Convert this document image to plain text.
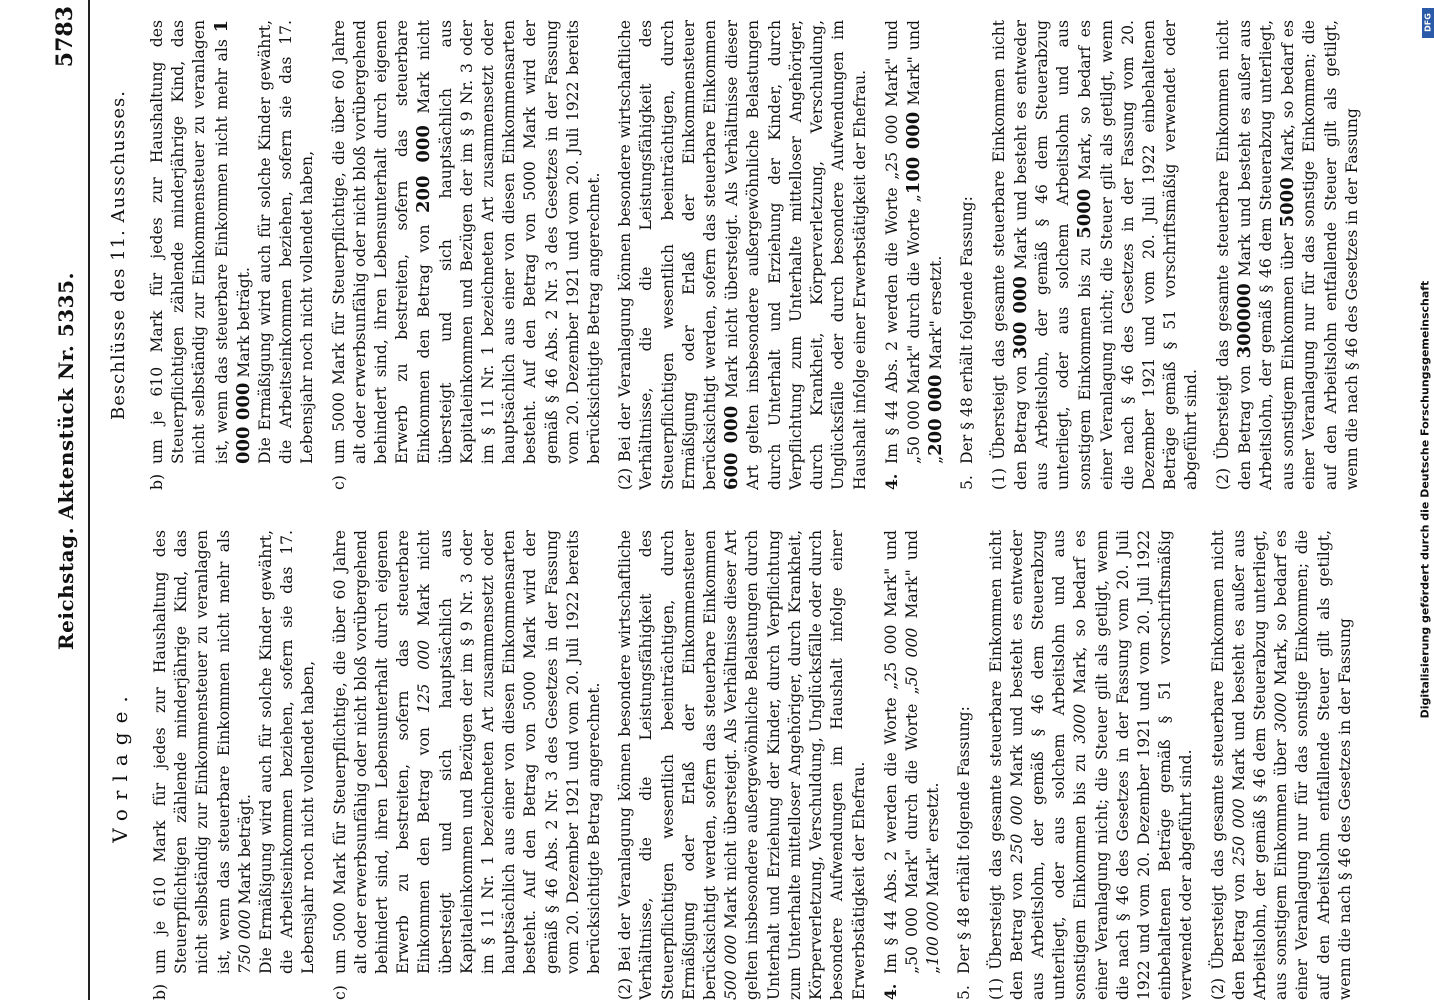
Reichstag. Aktenstück Nr. 5335.
5783
Vorlage.

b)um je 610 Mark für jedes zur Haushaltung des Steuerpflichtigen zählende minderjährige Kind, das nicht selbständig zur Einkommensteuer zu veranlagen ist, wenn das steuerbare Einkommen nicht mehr als 750 000 Mark beträgt. Die Ermäßigung wird auch für solche Kinder gewährt, die Arbeitseinkommen beziehen, sofern sie das 17. Lebensjahr noch nicht vollendet haben,

c)um 5000 Mark für Steuerpflichtige, die über 60 Jahre alt oder erwerbsunfähig oder nicht bloß vorübergehend behindert sind, ihren Lebensunterhalt durch eigenen Erwerb zu bestreiten, sofern das steuerbare Einkommen den Betrag von 125 000 Mark nicht übersteigt und sich hauptsächlich aus Kapitaleinkommen und Bezügen der im § 9 Nr. 3 oder im § 11 Nr. 1 bezeichneten Art zusammensetzt oder hauptsächlich aus einer von diesen Einkommensarten besteht. Auf den Betrag von 5000 Mark wird der gemäß § 46 Abs. 2 Nr. 3 des Gesetzes in der Fassung vom 20. Dezember 1921 und vom 20. Juli 1922 bereits berücksichtigte Betrag angerechnet. (2) Bei der Veranlagung können besondere wirtschaftliche Verhältnisse, die die Leistungsfähigkeit des Steuerpflichtigen wesentlich beeinträchtigen, durch Ermäßigung oder Erlaß der Einkommensteuer berücksichtigt werden, sofern das steuerbare Einkommen 500 000 Mark nicht übersteigt. Als Verhältnisse dieser Art gelten insbesondere außergewöhnliche Belastungen durch Unterhalt und Erziehung der Kinder, durch Verpflichtung zum Unterhalte mittelloser Angehöriger, durch Krankheit, Körperverletzung, Verschuldung, Unglücksfälle oder durch besondere Aufwendungen im Haushalt infolge einer Erwerbstätigkeit der Ehefrau. 4.Im § 44 Abs. 2 werden die Worte „25 000 Mark" und „50 000 Mark" durch die Worte „50 000 Mark" und „100 000 Mark" ersetzt.

5.Der § 48 erhält folgende Fassung: (1) Übersteigt das gesamte steuerbare Einkommen nicht den Betrag von 250 000 Mark und besteht es entweder aus Arbeitslohn, der gemäß § 46 dem Steuerabzug unterliegt, oder aus solchem Arbeitslohn und aus sonstigem Einkommen bis zu 3000 Mark, so bedarf es einer Veranlagung nicht; die Steuer gilt als getilgt, wenn die nach § 46 des Gesetzes in der Fassung vom 20. Juli 1922 und vom 20. Dezember 1921 und vom 20. Juli 1922 einbehaltenen Beträge gemäß § 51 vorschriftsmäßig verwendet oder abgeführt sind. (2) Übersteigt das gesamte steuerbare Einkommen nicht den Betrag von 250 000 Mark und besteht es außer aus Arbeitslohn, der gemäß § 46 dem Steuerabzug unterliegt, aus sonstigem Einkommen über 3000 Mark, so bedarf es einer Veranlagung nur für das sonstige Einkommen; die auf den Arbeitslohn entfallende Steuer gilt als getilgt, wenn die nach § 46 des Gesetzes in der Fassung

Beschlüsse des 11. Ausschusses.

b)um je 610 Mark für jedes zur Haushaltung des Steuerpflichtigen zählende minderjährige Kind, das nicht selbständig zur Einkommensteuer zu veranlagen ist, wenn das steuerbare Einkommen nicht mehr als 1 000 000 Mark beträgt. Die Ermäßigung wird auch für solche Kinder gewährt, die Arbeitseinkommen beziehen, sofern sie das 17. Lebensjahr noch nicht vollendet haben,

c)um 5000 Mark für Steuerpflichtige, die über 60 Jahre alt oder erwerbsunfähig oder nicht bloß vorübergehend behindert sind, ihren Lebensunterhalt durch eigenen Erwerb zu bestreiten, sofern das steuerbare Einkommen den Betrag von 200 000 Mark nicht übersteigt und sich hauptsächlich aus Kapitaleinkommen und Bezügen der im § 9 Nr. 3 oder im § 11 Nr. 1 bezeichneten Art zusammensetzt oder hauptsächlich aus einer von diesen Einkommensarten besteht. Auf den Betrag von 5000 Mark wird der gemäß § 46 Abs. 2 Nr. 3 des Gesetzes in der Fassung vom 20. Dezember 1921 und vom 20. Juli 1922 bereits berücksichtigte Betrag angerechnet. (2) Bei der Veranlagung können besondere wirtschaftliche Verhältnisse, die die Leistungsfähigkeit des Steuerpflichtigen wesentlich beeinträchtigen, durch Ermäßigung oder Erlaß der Einkommensteuer berücksichtigt werden, sofern das steuerbare Einkommen 600 000 Mark nicht übersteigt. Als Verhältnisse dieser Art gelten insbesondere außergewöhnliche Belastungen durch Unterhalt und Erziehung der Kinder, durch Verpflichtung zum Unterhalte mittelloser Angehöriger, durch Krankheit, Körperverletzung, Verschuldung, Unglücksfälle oder durch besondere Aufwendungen im Haushalt infolge einer Erwerbstätigkeit der Ehefrau. 4.Im § 44 Abs. 2 werden die Worte „25 000 Mark" und „50 000 Mark" durch die Worte „100 000 Mark" und „200 000 Mark" ersetzt.

5.Der § 48 erhält folgende Fassung: (1) Übersteigt das gesamte steuerbare Einkommen nicht den Betrag von 300 000 Mark und besteht es entweder aus Arbeitslohn, der gemäß § 46 dem Steuerabzug unterliegt, oder aus solchem Arbeitslohn und aus sonstigem Einkommen bis zu 5000 Mark, so bedarf es einer Veranlagung nicht; die Steuer gilt als getilgt, wenn die nach § 46 des Gesetzes in der Fassung vom 20. Dezember 1921 und vom 20. Juli 1922 einbehaltenen Beträge gemäß § 51 vorschriftsmäßig verwendet oder abgeführt sind. (2) Übersteigt das gesamte steuerbare Einkommen nicht den Betrag von 300000 Mark und besteht es außer aus Arbeitslohn, der gemäß § 46 dem Steuerabzug unterliegt, aus sonstigem Einkommen über 5000 Mark, so bedarf es einer Veranlagung nur für das sonstige Einkommen; die auf den Arbeitslohn entfallende Steuer gilt als getilgt, wenn die nach § 46 des Gesetzes in der Fassung

DFG
Digitalisierung gefördert durch die Deutsche Forschungsgemeinschaft
